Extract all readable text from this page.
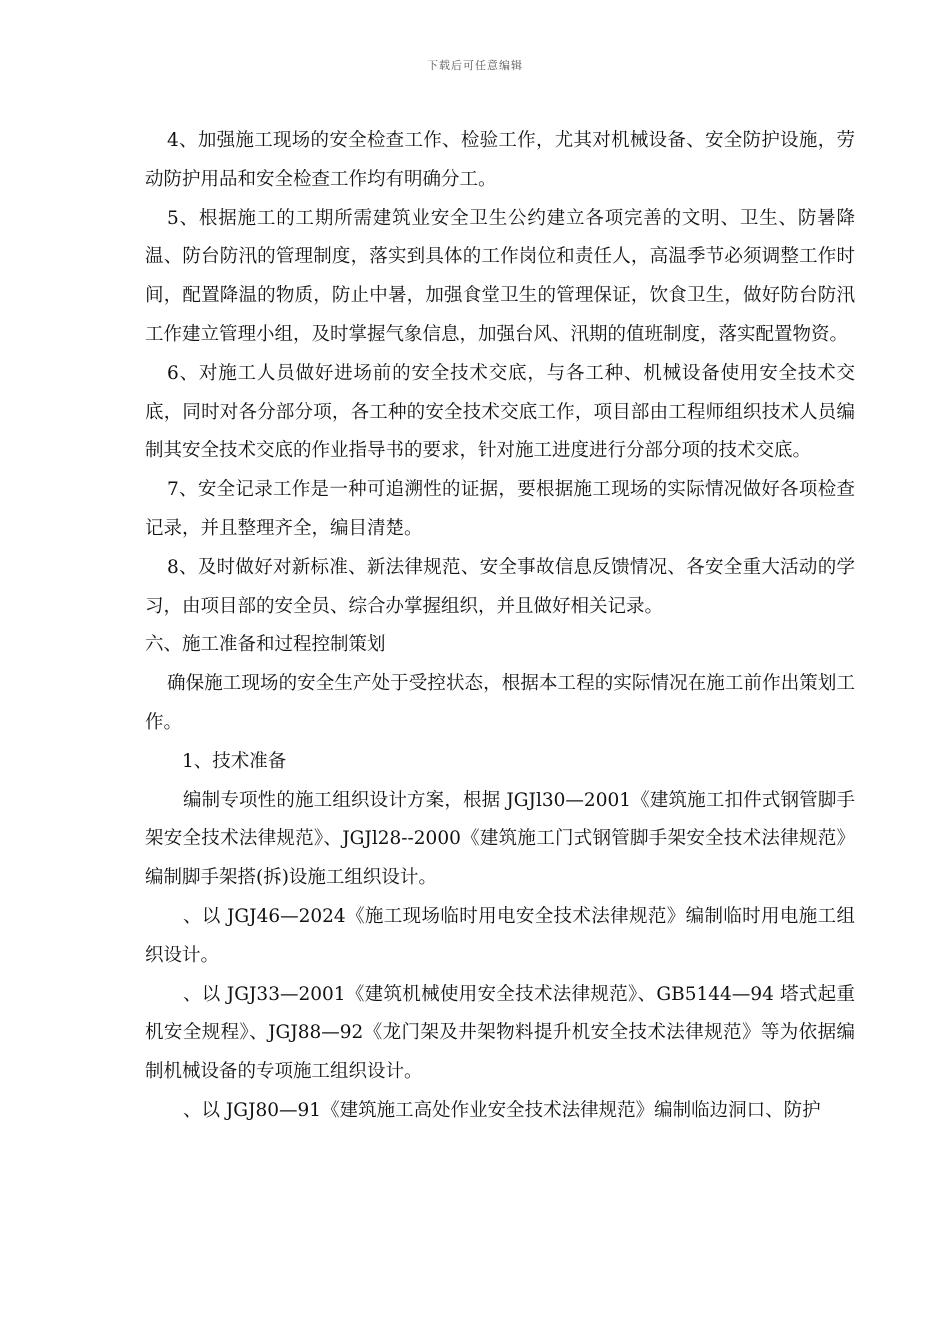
下载后可任意编辑

4、加强施工现场的安全检查工作、检验工作，尤其对机械设备、安全防护设施，劳动防护用品和安全检查工作均有明确分工。

5、根据施工的工期所需建筑业安全卫生公约建立各项完善的文明、卫生、防暑降温、防台防汛的管理制度，落实到具体的工作岗位和责任人，高温季节必须调整工作时间，配置降温的物质，防止中暑，加强食堂卫生的管理保证，饮食卫生，做好防台防汛工作建立管理小组，及时掌握气象信息，加强台风、汛期的值班制度，落实配置物资。

6、对施工人员做好进场前的安全技术交底，与各工种、机械设备使用安全技术交底，同时对各分部分项，各工种的安全技术交底工作，项目部由工程师组织技术人员编制其安全技术交底的作业指导书的要求，针对施工进度进行分部分项的技术交底。

7、安全记录工作是一种可追溯性的证据，要根据施工现场的实际情况做好各项检查记录，并且整理齐全，编目清楚。

8、及时做好对新标准、新法律规范、安全事故信息反馈情况、各安全重大活动的学习，由项目部的安全员、综合办掌握组织，并且做好相关记录。

六、施工准备和过程控制策划

确保施工现场的安全生产处于受控状态，根据本工程的实际情况在施工前作出策划工作。

1、技术准备

编制专项性的施工组织设计方案，根据 JGJl30—2001《建筑施工扣件式钢管脚手架安全技术法律规范》、JGJl28--2000《建筑施工门式钢管脚手架安全技术法律规范》编制脚手架搭(拆)设施工组织设计。

、以 JGJ46—2024《施工现场临时用电安全技术法律规范》编制临时用电施工组织设计。

、以 JGJ33—2001《建筑机械使用安全技术法律规范》、GB5144—94 塔式起重机安全规程》、JGJ88—92《龙门架及井架物料提升机安全技术法律规范》等为依据编制机械设备的专项施工组织设计。

、以 JGJ80—91《建筑施工高处作业安全技术法律规范》编制临边洞口、防护
